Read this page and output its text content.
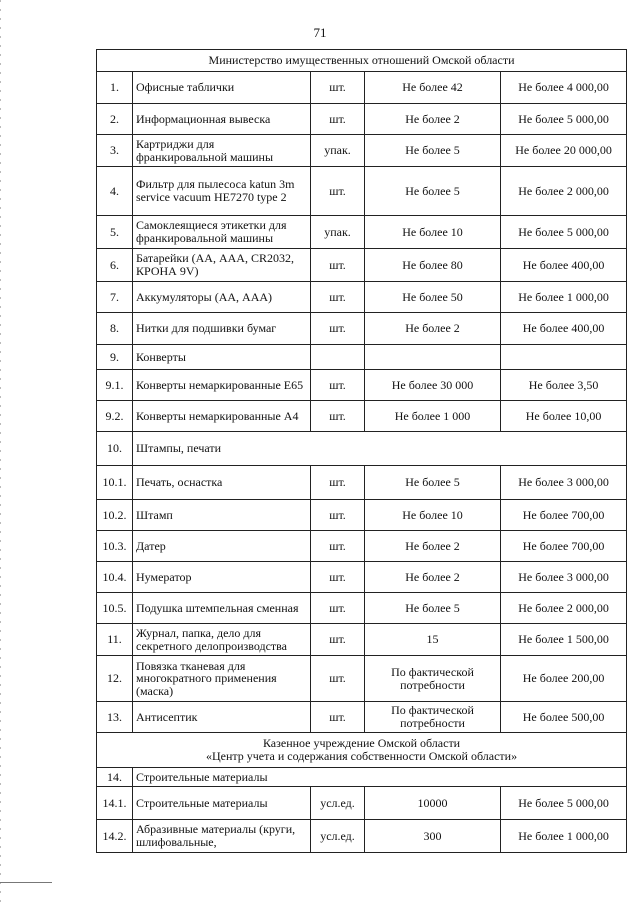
71
Министерство имущественных отношений Омской области				
1.	Офисные таблички	шт.	Не более 42	Не более 4 000,00
2.	Информационная вывеска	шт.	Не более 2	Не более 5 000,00
3.	Картриджи для франкировальной машины	упак.	Не более 5	Не более 20 000,00
4.	Фильтр для пылесоса katun 3m service vacuum HE7270 type 2	шт.	Не более 5	Не более 2 000,00
5.	Самоклеящиеся этикетки для франкировальной машины	упак.	Не более 10	Не более 5 000,00
6.	Батарейки (АА, ААА, CR2032, КРОНА 9V)	шт.	Не более 80	Не более 400,00
7.	Аккумуляторы (АА, ААА)	шт.	Не более 50	Не более 1 000,00
8.	Нитки для подшивки бумаг	шт.	Не более 2	Не более 400,00
9.	Конверты			
9.1.	Конверты немаркированные Е65	шт.	Не более 30 000	Не более 3,50
9.2.	Конверты немаркированные А4	шт.	Не более 1 000	Не более 10,00
10.	Штампы, печати			
10.1.	Печать, оснастка	шт.	Не более 5	Не более 3 000,00
10.2.	Штамп	шт.	Не более 10	Не более 700,00
10.3.	Датер	шт.	Не более 2	Не более 700,00
10.4.	Нумератор	шт.	Не более 2	Не более 3 000,00
10.5.	Подушка штемпельная сменная	шт.	Не более 5	Не более 2 000,00
11.	Журнал, папка, дело для секретного делопроизводства	шт.	15	Не более 1 500,00
12.	Повязка тканевая для многократного применения (маска)	шт.	По фактической потребности	Не более 200,00
13.	Антисептик	шт.	По фактической потребности	Не более 500,00

Казенное учреждение Омской области
«Центр учета и содержания собственности Омской области»				

14.	Строительные материалы			
14.1.	Строительные материалы	усл.ед.	10000	Не более 5 000,00
14.2.	Абразивные материалы (круги, шлифовальные,	усл.ед.	300	Не более 1 000,00
